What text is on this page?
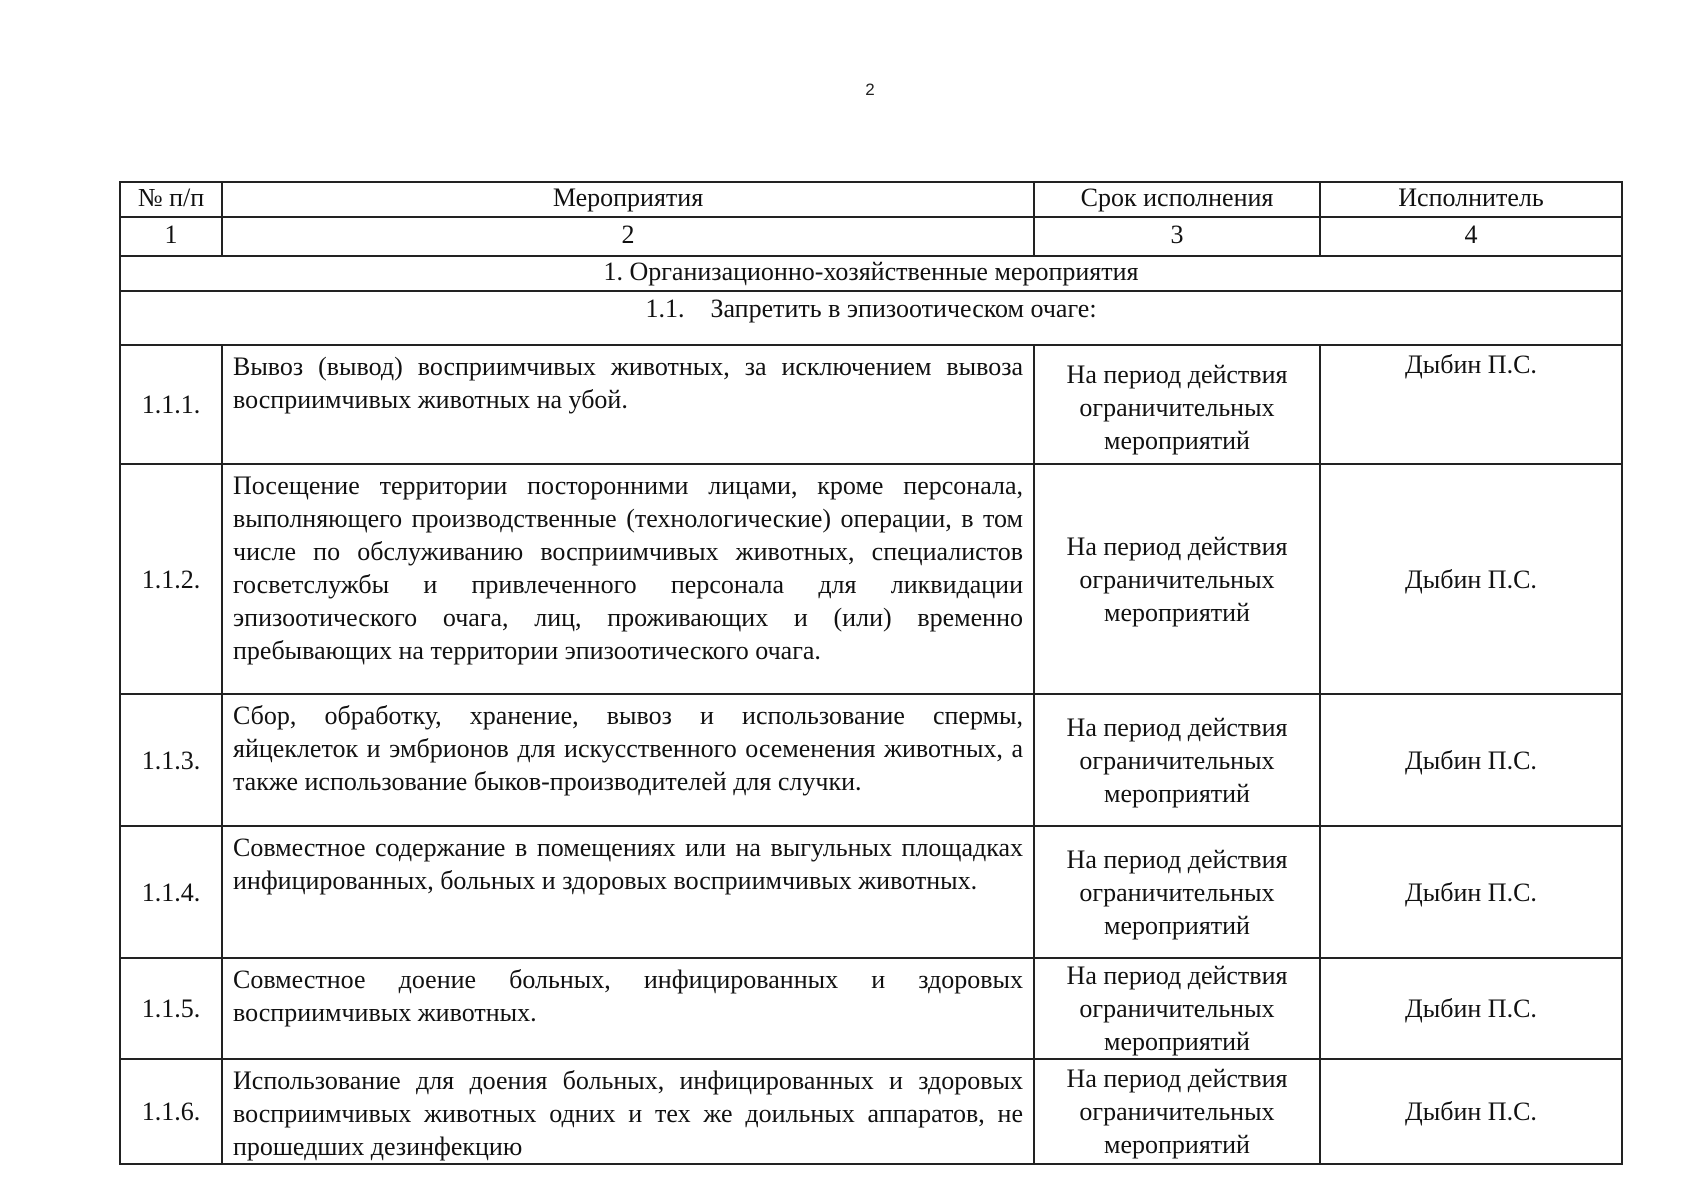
2
№ п/п	Мероприятия	Срок исполнения	Исполнитель
1	2	3	4
1. Организационно-хозяйственные мероприятия			
1.1. Запретить в эпизоотическом очаге:			
1.1.1.	Вывоз (вывод) восприимчивых животных, за исключением вывоза восприимчивых животных на убой.	На период действия ограничительных мероприятий	Дыбин П.С.
1.1.2.	Посещение территории посторонними лицами, кроме персонала, выполняющего производственные (технологические) операции, в том числе по обслуживанию восприимчивых животных, специалистов госветслужбы и привлеченного персонала для ликвидации эпизоотического очага, лиц, проживающих и (или) временно пребывающих на территории эпизоотического очага.	На период действия ограничительных мероприятий	Дыбин П.С.
1.1.3.	Сбор, обработку, хранение, вывоз и использование спермы, яйцеклеток и эмбрионов для искусственного осеменения животных, а также использование быков-производителей для случки.	На период действия ограничительных мероприятий	Дыбин П.С.
1.1.4.	Совместное содержание в помещениях или на выгульных площадках инфицированных, больных и здоровых восприимчивых животных.	На период действия ограничительных мероприятий	Дыбин П.С.
1.1.5.	Совместное доение больных, инфицированных и здоровых восприимчивых животных.	На период действия ограничительных мероприятий	Дыбин П.С.
1.1.6.	Использование для доения больных, инфицированных и здоровых восприимчивых животных одних и тех же доильных аппаратов, не прошедших дезинфекцию	На период действия ограничительных мероприятий	Дыбин П.С.
